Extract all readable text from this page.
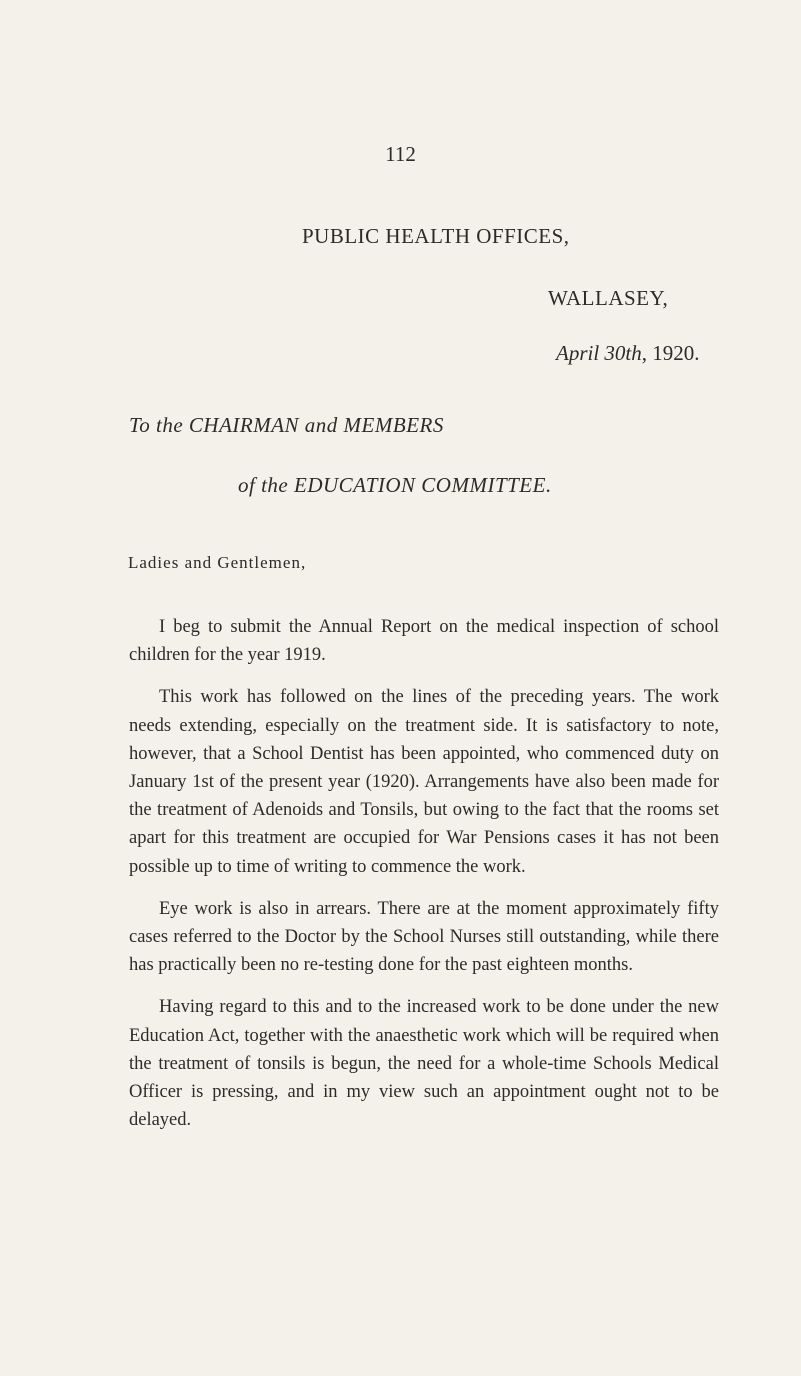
112
PUBLIC HEALTH OFFICES,
WALLASEY,
April 30th, 1920.
To the CHAIRMAN and MEMBERS
of the EDUCATION COMMITTEE.
Ladies and Gentlemen,

I beg to submit the Annual Report on the medical inspection of school children for the year 1919.

This work has followed on the lines of the preceding years. The work needs extending, especially on the treatment side. It is satisfactory to note, however, that a School Dentist has been appointed, who commenced duty on January 1st of the present year (1920). Arrangements have also been made for the treatment of Adenoids and Tonsils, but owing to the fact that the rooms set apart for this treatment are occupied for War Pensions cases it has not been possible up to time of writing to commence the work.

Eye work is also in arrears. There are at the moment approximately fifty cases referred to the Doctor by the School Nurses still outstanding, while there has practically been no re-testing done for the past eighteen months.

Having regard to this and to the increased work to be done under the new Education Act, together with the anaesthetic work which will be required when the treatment of tonsils is begun, the need for a whole-time Schools Medical Officer is pressing, and in my view such an appointment ought not to be delayed.
